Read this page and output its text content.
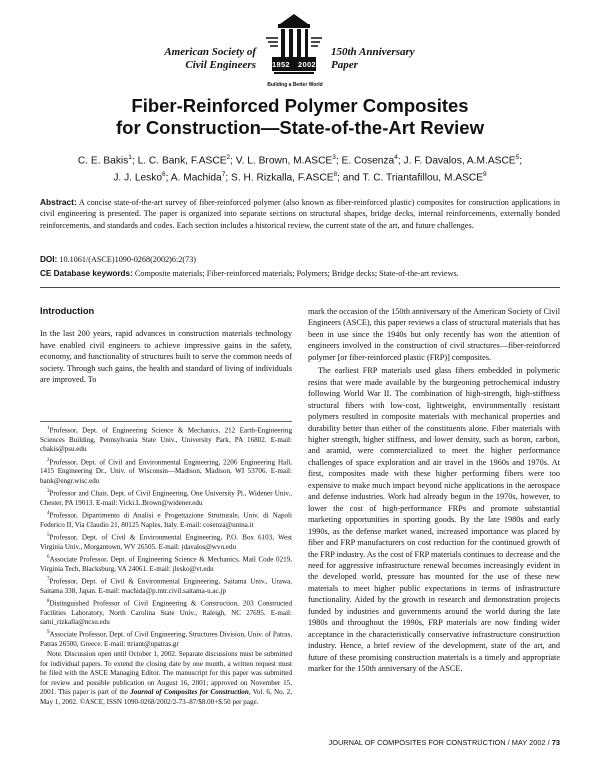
American Society of
Civil Engineers
150th Anniversary
Paper
1852 2002
Building a Better World
Fiber-Reinforced Polymer Composites
for Construction—State-of-the-Art Review
C. E. Bakis$^1$; L. C. Bank, F.ASCE$^2$; V. L. Brown, M.ASCE$^3$; E. Cosenza$^4$; J. F. Davalos, A.M.ASCE$^5$;
J. J. Lesko$^6$; A. Machida$^7$; S. H. Rizkalla, F.ASCE$^8$; and T. C. Triantafillou, M.ASCE$^9$
Abstract: A concise state-of-the-art survey of fiber-reinforced polymer (also known as fiber-reinforced plastic) composites for construction applications in civil engineering is presented. The paper is organized into separate sections on structural shapes, bridge decks, internal reinforcements, externally bonded reinforcements, and standards and codes. Each section includes a historical review, the current state of the art, and future challenges.
DOI: 10.1061/(ASCE)1090-0268(2002)6:2(73)
CE Database keywords: Composite materials; Fiber-reinforced materials; Polymers; Bridge decks; State-of-the-art reviews.
Introduction

In the last 200 years, rapid advances in construction materials technology have enabled civil engineers to achieve impressive gains in the safety, economy, and functionality of structures built to serve the common needs of society. Through such gains, the health and standard of living of individuals are improved. To

$^1$Professor, Dept. of Engineering Science & Mechanics, 212 Earth-Engineering Sciences Building, Pennsylvania State Univ., University Park, PA 16802. E-mail: cbakis@psu.edu

$^2$Professor, Dept. of Civil and Environmental Engineering, 2206 Engineering Hall, 1415 Engineering Dr., Univ. of Wisconsin—Madison, Madison, WI 53706. E-mail: bank@engr.wisc.edu

$^3$Professor and Chair, Dept. of Civil Engineering, One University Pl., Widener Univ., Chester, PA 19013. E-mail: Vicki.L.Brown@widener.edu

$^4$Professor, Dipartimento di Analisi e Progettazione Strutturale, Univ. di Napoli Federico II, Via Claudio 21, 80125 Naples, Italy. E-mail: cosenza@unina.it

$^5$Professor, Dept. of Civil & Environmental Engineering, P.O. Box 6103, West Virginia Univ., Morgantown, WV 26505. E-mail: jdavalos@wvu.edu

$^6$Associate Professor, Dept. of Engineering Science & Mechanics, Mail Code 0219, Virginia Tech, Blacksburg, VA 24061. E-mail: jlesko@vt.edu

$^7$Professor, Dept. of Civil & Environmental Engineering, Saitama Univ., Urawa, Saitama 338, Japan. E-mail: machida@p.mtr.civil.saitama-u.ac.jp

$^8$Distinguished Professor of Civil Engineering & Construction, 203 Constructed Facilities Laboratory, North Carolina State Univ., Raleigh, NC 27695. E-mail: sami_rizkalla@ncsu.edu

$^9$Associate Professor, Dept. of Civil Engineering, Structures Division, Univ. of Patras, Patras 26500, Greece. E-mail: ttriant@upatras.gr

Note. Discussion open until October 1, 2002. Separate discussions must be submitted for individual papers. To extend the closing date by one month, a written request must be filed with the ASCE Managing Editor. The manuscript for this paper was submitted for review and possible publication on August 16, 2001; approved on November 15, 2001. This paper is part of the Journal of Composites for Construction, Vol. 6, No. 2, May 1, 2002. ©ASCE, ISSN 1090-0268/2002/2-73–87/$8.00+$.50 per page.

mark the occasion of the 150th anniversary of the American Society of Civil Engineers (ASCE), this paper reviews a class of structural materials that has been in use since the 1940s but only recently has won the attention of engineers involved in the construction of civil structures—fiber-reinforced polymer [or fiber-reinforced plastic (FRP)] composites.

The earliest FRP materials used glass fibers embedded in polymeric resins that were made available by the burgeoning petrochemical industry following World War II. The combination of high-strength, high-stiffness structural fibers with low-cost, lightweight, environmentally resistant polymers resulted in composite materials with mechanical properties and durability better than either of the constituents alone. Fiber materials with higher strength, higher stiffness, and lower density, such as boron, carbon, and aramid, were commercialized to meet the higher performance challenges of space exploration and air travel in the 1960s and 1970s. At first, composites made with these higher performing fibers were too expensive to make much impact beyond niche applications in the aerospace and defense industries. Work had already begun in the 1970s, however, to lower the cost of high-performance FRPs and promote substantial marketing opportunities in sporting goods. By the late 1980s and early 1990s, as the defense market waned, increased importance was placed by fiber and FRP manufacturers on cost reduction for the continued growth of the FRP industry. As the cost of FRP materials continues to decrease and the need for aggressive infrastructure renewal becomes increasingly evident in the developed world, pressure has mounted for the use of these new materials to meet higher public expectations in terms of infrastructure functionality. Aided by the growth in research and demonstration projects funded by industries and governments around the world during the late 1980s and throughout the 1990s, FRP materials are now finding wider acceptance in the characteristically conservative infrastructure construction industry. Hence, a brief review of the development, state of the art, and future of these promising construction materials is a timely and appropriate marker for the 150th anniversary of the ASCE.

JOURNAL OF COMPOSITES FOR CONSTRUCTION / MAY 2002 / 73
